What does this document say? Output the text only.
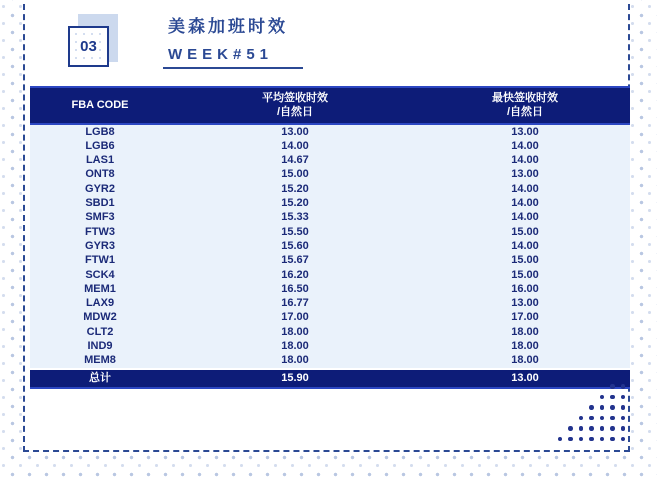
03
美森加班时效
WEEK#51
FBA CODE

平均签收时效
/自然日

最快签收时效
/自然日

LGB8	13.00	13.00
LGB6	14.00	14.00
LAS1	14.67	14.00
ONT8	15.00	13.00
GYR2	15.20	14.00
SBD1	15.20	14.00
SMF3	15.33	14.00
FTW3	15.50	15.00
GYR3	15.60	14.00
FTW1	15.67	15.00
SCK4	16.20	15.00
MEM1	16.50	16.00
LAX9	16.77	13.00
MDW2	17.00	17.00
CLT2	18.00	18.00
IND9	18.00	18.00
MEM8	18.00	18.00
总计	15.90	13.00
